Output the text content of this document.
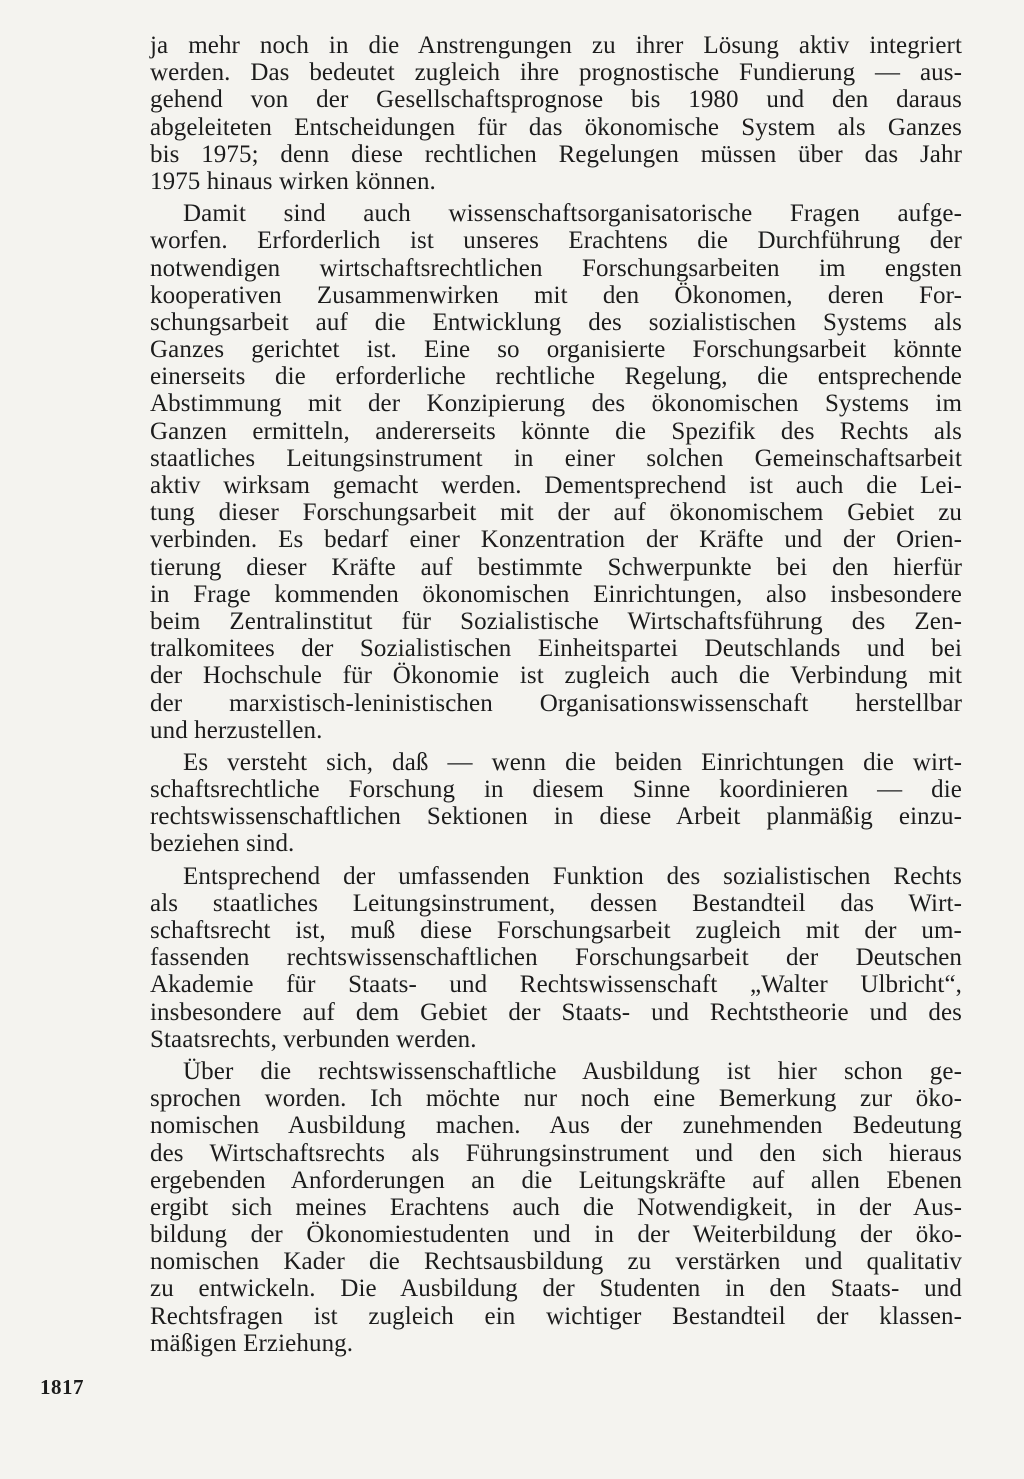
ja mehr noch in die Anstrengungen zu ihrer Lösung aktiv integriert
werden. Das bedeutet zugleich ihre prognostische Fundierung — aus-
gehend von der Gesellschaftsprognose bis 1980 und den daraus
abgeleiteten Entscheidungen für das ökonomische System als Ganzes
bis 1975; denn diese rechtlichen Regelungen müssen über das Jahr
1975 hinaus wirken können.
Damit sind auch wissenschaftsorganisatorische Fragen aufge-
worfen. Erforderlich ist unseres Erachtens die Durchführung der
notwendigen wirtschaftsrechtlichen Forschungsarbeiten im engsten
kooperativen Zusammenwirken mit den Ökonomen, deren For-
schungsarbeit auf die Entwicklung des sozialistischen Systems als
Ganzes gerichtet ist. Eine so organisierte Forschungsarbeit könnte
einerseits die erforderliche rechtliche Regelung, die entsprechende
Abstimmung mit der Konzipierung des ökonomischen Systems im
Ganzen ermitteln, andererseits könnte die Spezifik des Rechts als
staatliches Leitungsinstrument in einer solchen Gemeinschaftsarbeit
aktiv wirksam gemacht werden. Dementsprechend ist auch die Lei-
tung dieser Forschungsarbeit mit der auf ökonomischem Gebiet zu
verbinden. Es bedarf einer Konzentration der Kräfte und der Orien-
tierung dieser Kräfte auf bestimmte Schwerpunkte bei den hierfür
in Frage kommenden ökonomischen Einrichtungen, also insbesondere
beim Zentralinstitut für Sozialistische Wirtschaftsführung des Zen-
tralkomitees der Sozialistischen Einheitspartei Deutschlands und bei
der Hochschule für Ökonomie ist zugleich auch die Verbindung mit
der marxistisch-leninistischen Organisationswissenschaft herstellbar
und herzustellen.
Es versteht sich, daß — wenn die beiden Einrichtungen die wirt-
schaftsrechtliche Forschung in diesem Sinne koordinieren — die
rechtswissenschaftlichen Sektionen in diese Arbeit planmäßig einzu-
beziehen sind.
Entsprechend der umfassenden Funktion des sozialistischen Rechts
als staatliches Leitungsinstrument, dessen Bestandteil das Wirt-
schaftsrecht ist, muß diese Forschungsarbeit zugleich mit der um-
fassenden rechtswissenschaftlichen Forschungsarbeit der Deutschen
Akademie für Staats- und Rechtswissenschaft „Walter Ulbricht“,
insbesondere auf dem Gebiet der Staats- und Rechtstheorie und des
Staatsrechts, verbunden werden.
Über die rechtswissenschaftliche Ausbildung ist hier schon ge-
sprochen worden. Ich möchte nur noch eine Bemerkung zur öko-
nomischen Ausbildung machen. Aus der zunehmenden Bedeutung
des Wirtschaftsrechts als Führungsinstrument und den sich hieraus
ergebenden Anforderungen an die Leitungskräfte auf allen Ebenen
ergibt sich meines Erachtens auch die Notwendigkeit, in der Aus-
bildung der Ökonomiestudenten und in der Weiterbildung der öko-
nomischen Kader die Rechtsausbildung zu verstärken und qualitativ
zu entwickeln. Die Ausbildung der Studenten in den Staats- und
Rechtsfragen ist zugleich ein wichtiger Bestandteil der klassen-
mäßigen Erziehung.
1817
